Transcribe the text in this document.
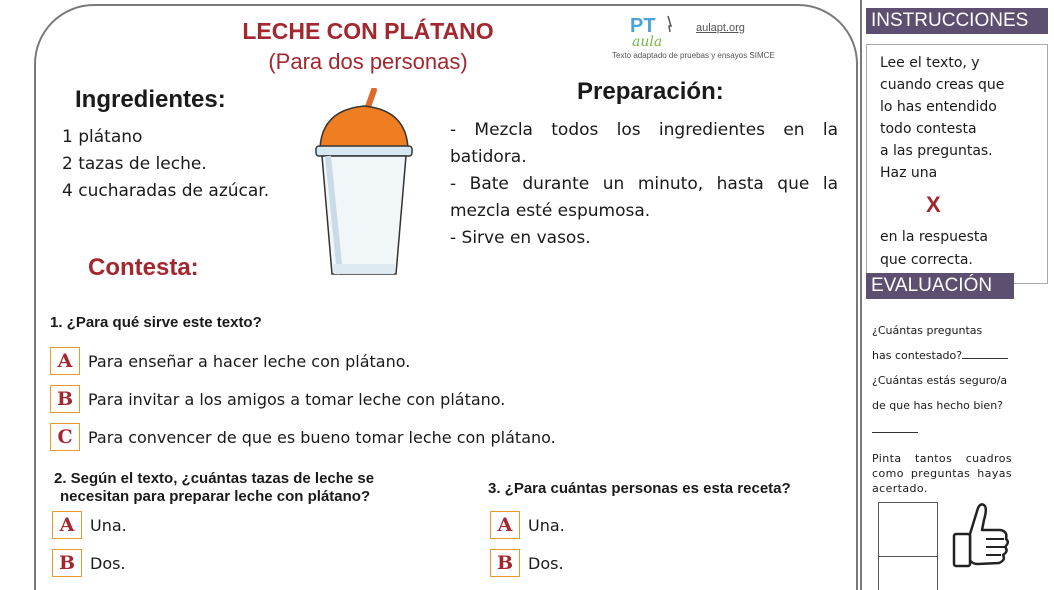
LECHE CON PLÁTANO
(Para dos personas)
PT
aula
aulapt.org
Texto adaptado de pruebas y ensayos SIMCE
Ingredientes:
1 plátano
2 tazas de leche.
4 cucharadas de azúcar.
Preparación:

- Mezcla todos los ingredientes en la batidora.

- Bate durante un minuto, hasta que la mezcla esté espumosa.

- Sirve en vasos.

Contesta:
1. ¿Para qué sirve este texto?
A Para enseñar a hacer leche con plátano.
B Para invitar a los amigos a tomar leche con plátano.
C Para convencer de que es bueno tomar leche con plátano.
2. Según el texto, ¿cuántas tazas de leche se
necesitan para preparar leche con plátano?
A Una.
B Dos.
3. ¿Para cuántas personas es esta receta?
A Una.
B Dos.
INSTRUCCIONES
Lee el texto, y
cuando creas que
lo has entendido
todo contesta
a las preguntas.
Haz una
X
en la respuesta
que correcta.
EVALUACIÓN
¿Cuántas preguntas
has contestado?
¿Cuántas estás seguro/a
de que has hecho bien?
Pinta tantos cuadros como preguntas hayas acertado.
